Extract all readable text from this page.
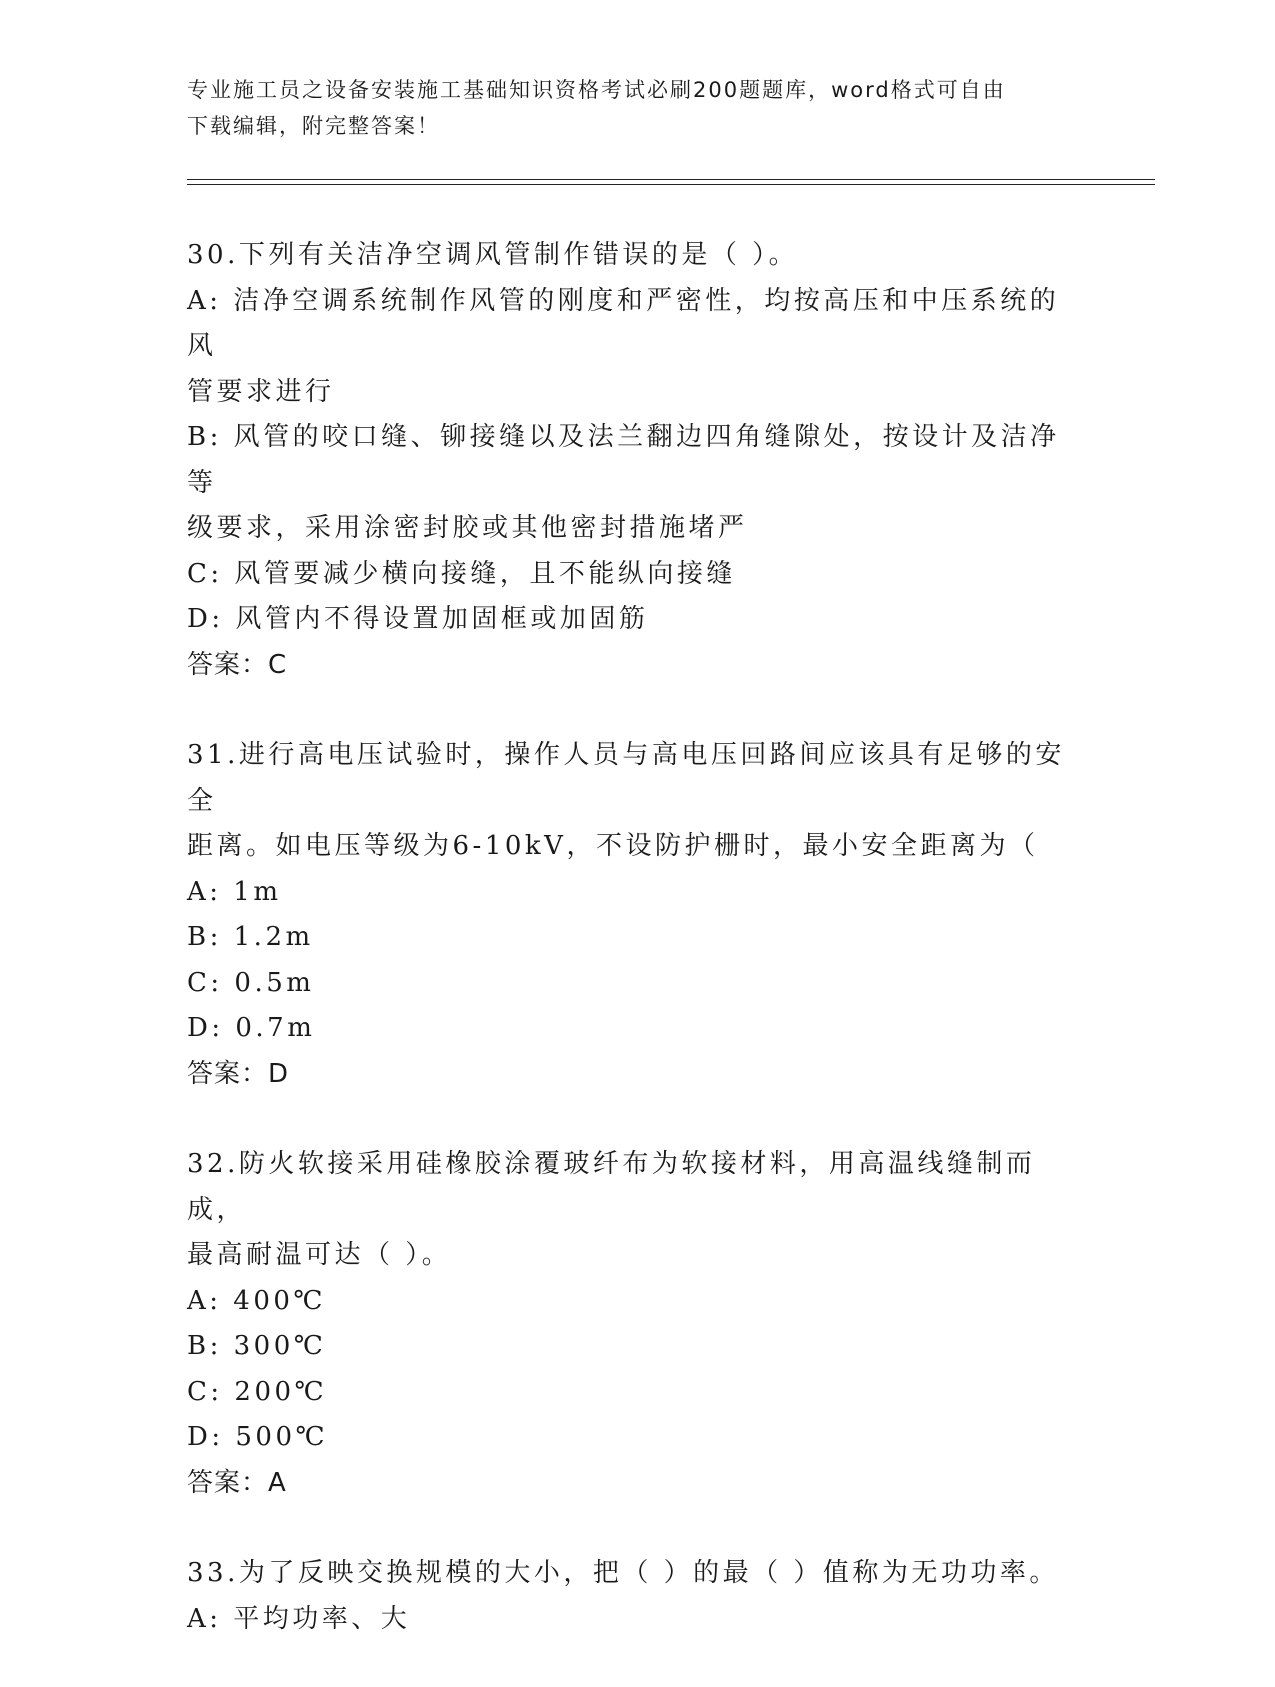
专业施工员之设备安装施工基础知识资格考试必刷200题题库，word格式可自由
下载编辑，附完整答案！

30.下列有关洁净空调风管制作错误的是（ ）。

A: 洁净空调系统制作风管的刚度和严密性，均按高压和中压系统的风

管要求进行

B: 风管的咬口缝、铆接缝以及法兰翻边四角缝隙处，按设计及洁净等

级要求，采用涂密封胶或其他密封措施堵严

C: 风管要减少横向接缝，且不能纵向接缝

D: 风管内不得设置加固框或加固筋

答案：C

31.进行高电压试验时，操作人员与高电压回路间应该具有足够的安全

距离。如电压等级为6-10kV，不设防护栅时，最小安全距离为（

A: 1m

B: 1.2m

C: 0.5m

D: 0.7m

答案：D

32.防火软接采用硅橡胶涂覆玻纤布为软接材料，用高温线缝制而成，

最高耐温可达（ ）。

A: 400℃

B: 300℃

C: 200℃

D: 500℃

答案：A

33.为了反映交换规模的大小，把（ ）的最（ ）值称为无功功率。

A: 平均功率、大
